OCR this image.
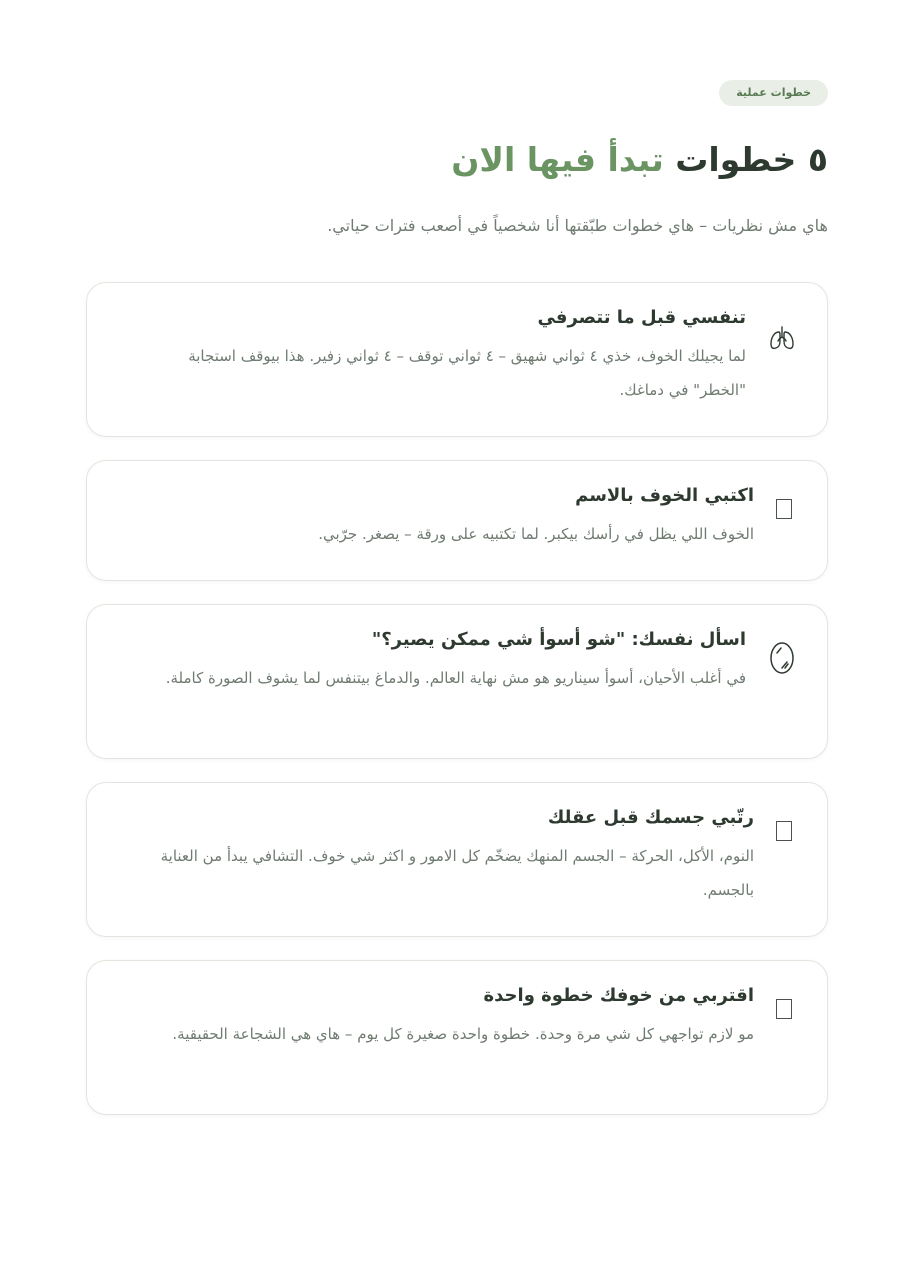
خطوات عملية
٥ خطوات تبدأ فيها الان

هاي مش نظريات – هاي خطوات طبّقتها أنا شخصياً في أصعب فترات حياتي.

تنفسي قبل ما تتصرفي

لما يجيلك الخوف، خذي ٤ ثواني شهيق – ٤ ثواني توقف – ٤ ثواني زفير. هذا بيوقف استجابة "الخطر" في دماغك.

اكتبي الخوف بالاسم

الخوف اللي يظل في رأسك بيكبر. لما تكتبيه على ورقة – يصغر. جرّبي.

اسأل نفسك: "شو أسوأ شي ممكن يصير؟"

في أغلب الأحيان، أسوأ سيناريو هو مش نهاية العالم. والدماغ بيتنفس لما يشوف الصورة كاملة.

رتّبي جسمك قبل عقلك

النوم، الأكل، الحركة – الجسم المنهك يضخّم كل الامور و اكثر شي خوف. التشافي يبدأ من العناية بالجسم.

اقتربي من خوفك خطوة واحدة

مو لازم تواجهي كل شي مرة وحدة. خطوة واحدة صغيرة كل يوم – هاي هي الشجاعة الحقيقية.
